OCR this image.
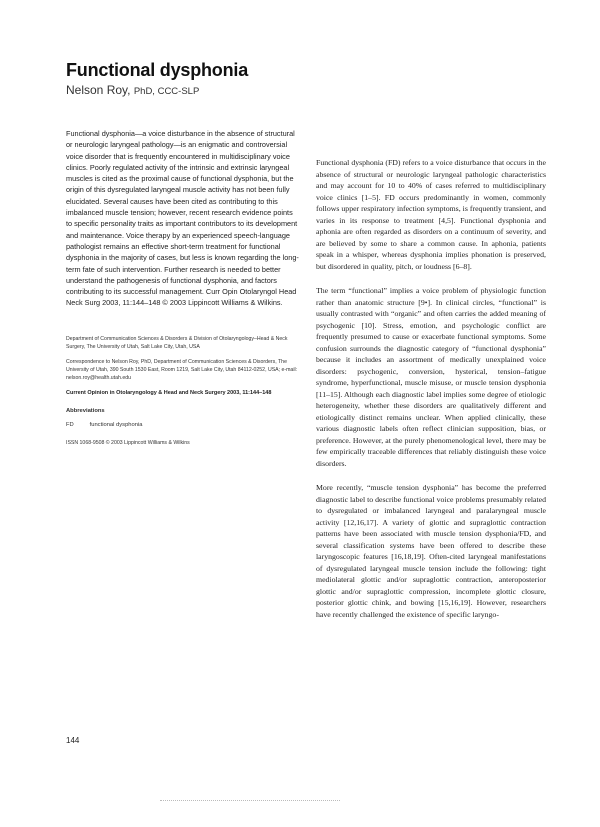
Functional dysphonia
Nelson Roy, PhD, CCC-SLP

Functional dysphonia—a voice disturbance in the absence of structural or neurologic laryngeal pathology—is an enigmatic and controversial voice disorder that is frequently encountered in multidisciplinary voice clinics. Poorly regulated activity of the intrinsic and extrinsic laryngeal muscles is cited as the proximal cause of functional dysphonia, but the origin of this dysregulated laryngeal muscle activity has not been fully elucidated. Several causes have been cited as contributing to this imbalanced muscle tension; however, recent research evidence points to specific personality traits as important contributors to its development and maintenance. Voice therapy by an experienced speech-language pathologist remains an effective short-term treatment for functional dysphonia in the majority of cases, but less is known regarding the long-term fate of such intervention. Further research is needed to better understand the pathogenesis of functional dysphonia, and factors contributing to its successful management. Curr Opin Otolaryngol Head Neck Surg 2003, 11:144–148 © 2003 Lippincott Williams & Wilkins.

Department of Communication Sciences & Disorders & Division of Otolaryngology–Head & Neck Surgery, The University of Utah, Salt Lake City, Utah, USA

Correspondence to Nelson Roy, PhD, Department of Communication Sciences & Disorders, The University of Utah, 390 South 1530 East, Room 1219, Salt Lake City, Utah 84112-0252, USA; e-mail: nelson.roy@health.utah.edu

Current Opinion in Otolaryngology & Head and Neck Surgery 2003, 11:144–148

Abbreviations
FD	functional dysphonia
ISSN 1068-9508 © 2003 Lippincott Williams & Wilkins

Functional dysphonia (FD) refers to a voice disturbance that occurs in the absence of structural or neurologic laryngeal pathologic characteristics and may account for 10 to 40% of cases referred to multidisciplinary voice clinics [1–5]. FD occurs predominantly in women, commonly follows upper respiratory infection symptoms, is frequently transient, and varies in its response to treatment [4,5]. Functional dysphonia and aphonia are often regarded as disorders on a continuum of severity, and are believed by some to share a common cause. In aphonia, patients speak in a whisper, whereas dysphonia implies phonation is preserved, but disordered in quality, pitch, or loudness [6–8].

The term “functional” implies a voice problem of physiologic function rather than anatomic structure [9•]. In clinical circles, “functional” is usually contrasted with “organic” and often carries the added meaning of psychogenic [10]. Stress, emotion, and psychologic conflict are frequently presumed to cause or exacerbate functional symptoms. Some confusion surrounds the diagnostic category of “functional dysphonia” because it includes an assortment of medically unexplained voice disorders: psychogenic, conversion, hysterical, tension–fatigue syndrome, hyperfunctional, muscle misuse, or muscle tension dysphonia [11–15]. Although each diagnostic label implies some degree of etiologic heterogeneity, whether these disorders are qualitatively different and etiologically distinct remains unclear. When applied clinically, these various diagnostic labels often reflect clinician supposition, bias, or preference. However, at the purely phenomenological level, there may be few empirically traceable differences that reliably distinguish these voice disorders.

More recently, “muscle tension dysphonia” has become the preferred diagnostic label to describe functional voice problems presumably related to dysregulated or imbalanced laryngeal and paralaryngeal muscle activity [12,16,17]. A variety of glottic and supraglottic contraction patterns have been associated with muscle tension dysphonia/FD, and several classification systems have been offered to describe these laryngoscopic features [16,18,19]. Often-cited laryngeal manifestations of dysregulated laryngeal muscle tension include the following: tight mediolateral glottic and/or supraglottic contraction, anteroposterior glottic and/or supraglottic compression, incomplete glottic closure, posterior glottic chink, and bowing [15,16,19]. However, researchers have recently challenged the existence of specific laryngo-

144
